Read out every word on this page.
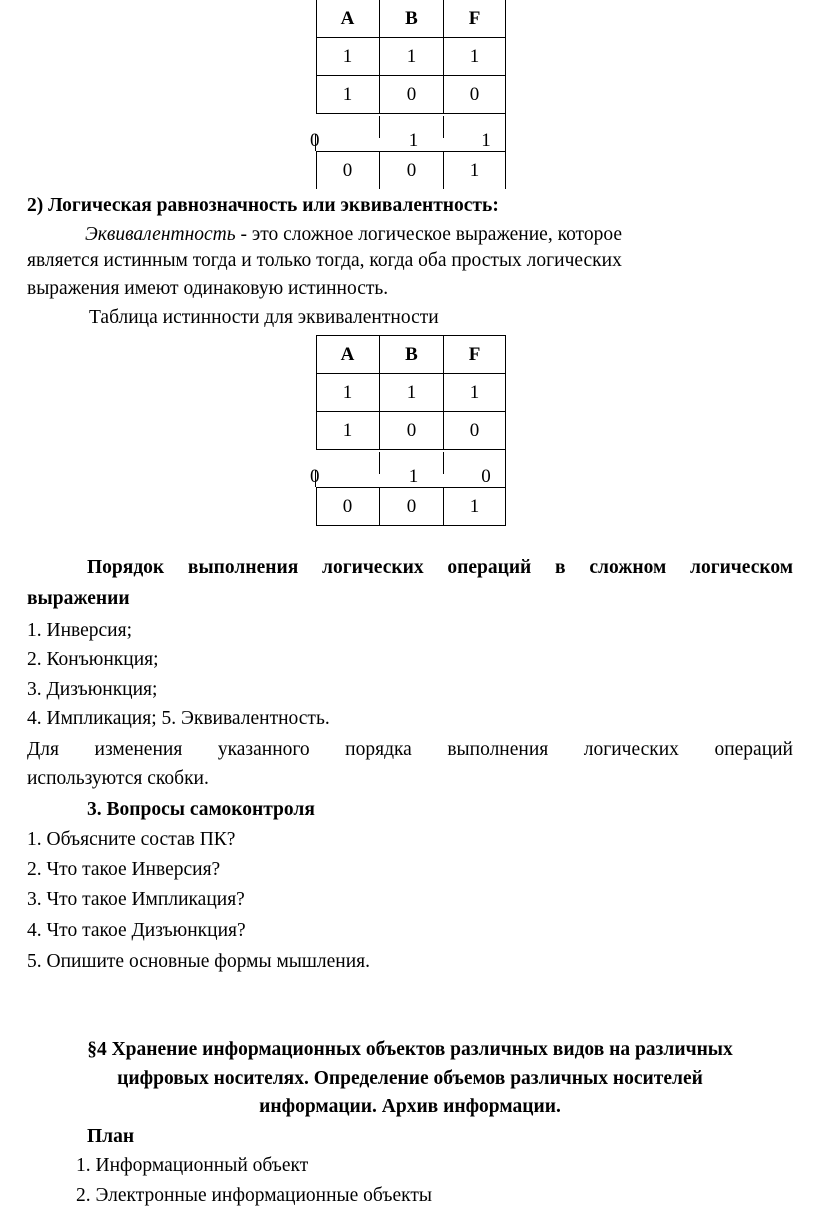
A	B	F
1	1	1
1	0	0
0	1	1
0	0	1
2) Логическая равнозначность или эквивалентность:
Эквивалентность - это сложное логическое выражение, которое
является истинным тогда и только тогда, когда оба простых логических
выражения имеют одинаковую истинность.
Таблица истинности для эквивалентности
A	B	F
1	1	1
1	0	0
0	1	0
0	0	1
Порядок выполнения логических операций в сложном логическом
выражении
1. Инверсия;
2. Конъюнкция;
3. Дизъюнкция;
4. Импликация; 5. Эквивалентность.
Для изменения указанного порядка выполнения логических операций
используются скобки.
3. Вопросы самоконтроля
1. Объясните состав ПК?
2. Что такое Инверсия?
3. Что такое Импликация?
4. Что такое Дизъюнкция?
5. Опишите основные формы мышления.
§4 Хранение информационных объектов различных видов на различных
цифровых носителях. Определение объемов различных носителей
информации. Архив информации.
План
1. Информационный объект
2. Электронные информационные объекты
